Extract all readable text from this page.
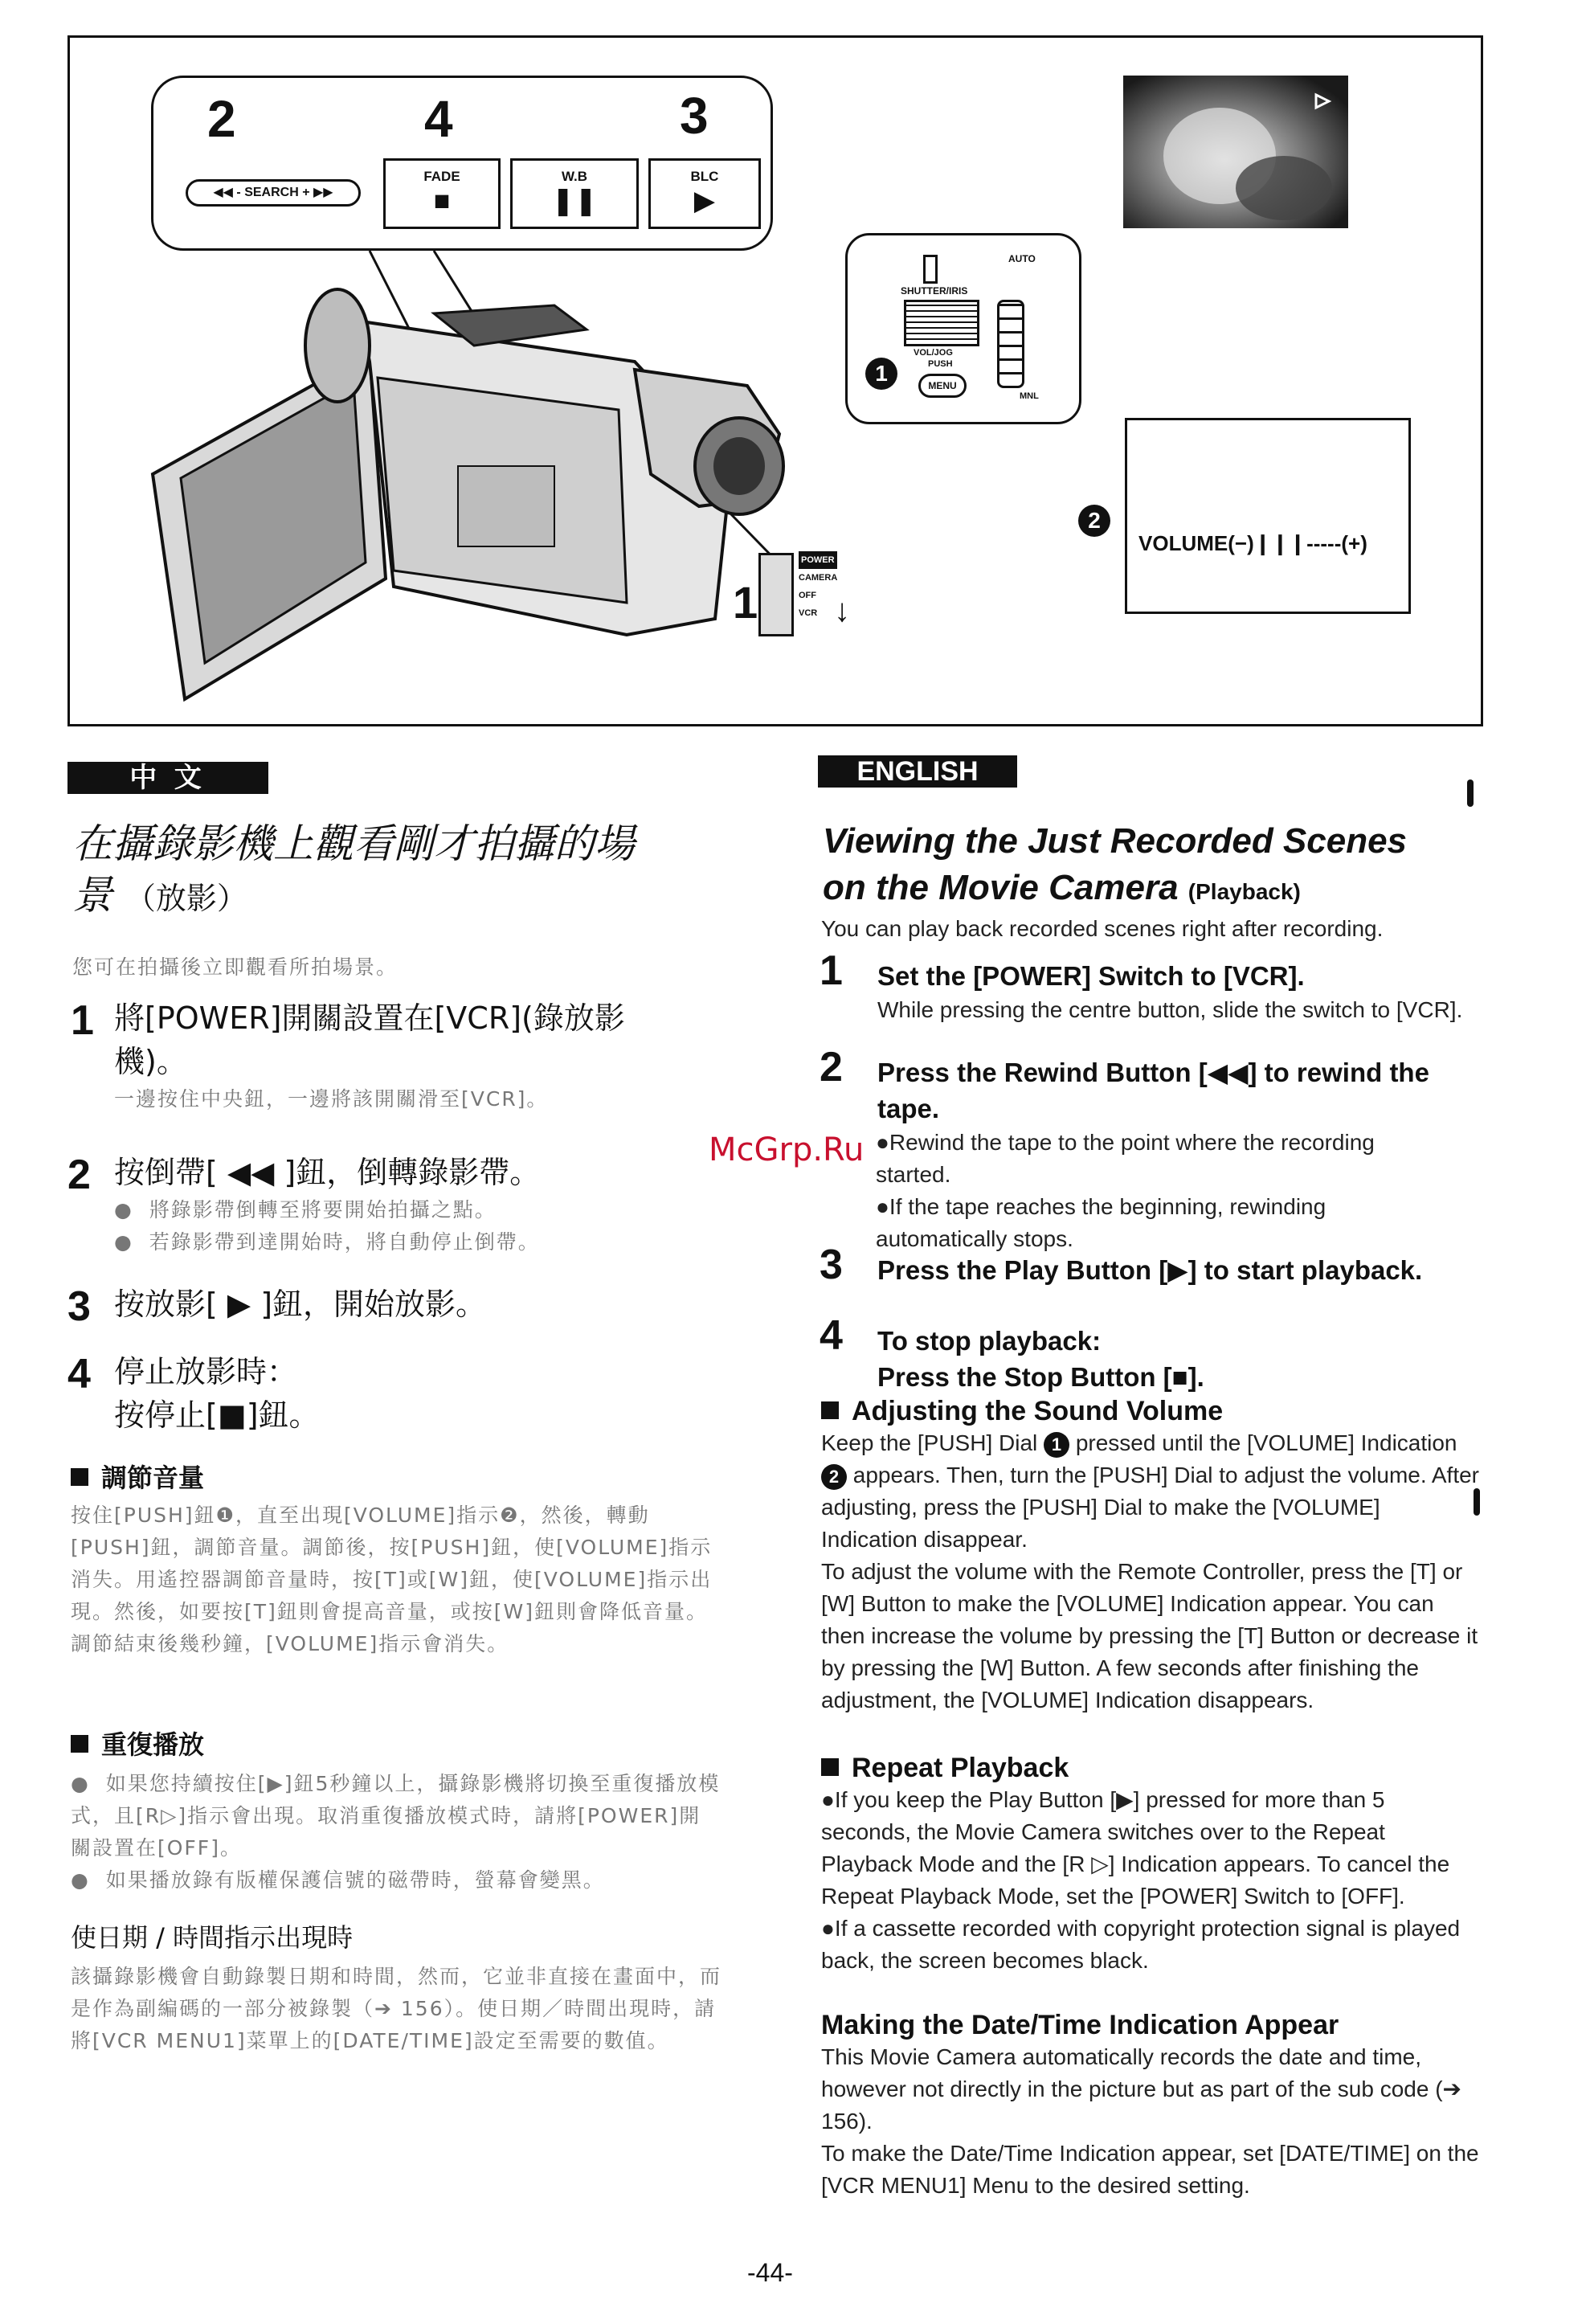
◀◀ - SEARCH + ▶▶
FADE
■
W.B
❚❚
BLC
▶
2	4	3
1
POWER
CAMERA
OFF
VCR ↓
AUTO
SHUTTER/IRIS
VOL/JOG
PUSH
MENU
MNL
1
2
VOLUME(−)❙❙❙‑‑‑‑‑(+)
中 文
在攝錄影機上觀看剛才拍攝的場
景 （放影）
您可在拍攝後立即觀看所拍場景。
1 將[POWER]開關設置在[VCR](錄放影
機)。
一邊按住中央鈕，一邊將該開關滑至[VCR]。
2 按倒帶[ ◀◀ ]鈕，倒轉錄影帶。
●  將錄影帶倒轉至將要開始拍攝之點。
●  若錄影帶到達開始時，將自動停止倒帶。
3 按放影[ ▶ ]鈕，開始放影。
4 停止放影時：
按停止[■]鈕。
調節音量
按住[PUSH]鈕❶，直至出現[VOLUME]指示❷，然後，轉動[PUSH]鈕，調節音量。調節後，按[PUSH]鈕，使[VOLUME]指示消失。用遙控器調節音量時，按[T]或[W]鈕，使[VOLUME]指示出現。然後，如要按[T]鈕則會提高音量，或按[W]鈕則會降低音量。調節結束後幾秒鐘，[VOLUME]指示會消失。
重復播放
●  如果您持續按住[▶]鈕5秒鐘以上，攝錄影機將切換至重復播放模式，且[R▷]指示會出現。取消重復播放模式時，請將[POWER]開關設置在[OFF]。
●  如果播放錄有版權保護信號的磁帶時，螢幕會變黑。
使日期 / 時間指示出現時
該攝錄影機會自動錄製日期和時間，然而，它並非直接在畫面中，而是作為副編碼的一部分被錄製（➔ 156）。使日期／時間出現時，請將[VCR MENU1]菜單上的[DATE/TIME]設定至需要的數值。
McGrp.Ru
ENGLISH
Viewing the Just Recorded Scenes
on the Movie Camera (Playback)
You can play back recorded scenes right after recording.
1 Set the [POWER] Switch to [VCR].
While pressing the centre button, slide the switch to [VCR].
2 Press the Rewind Button [◀◀] to rewind the tape.
●Rewind the tape to the point where the recording started.
●If the tape reaches the beginning, rewinding automatically stops.
3 Press the Play Button [▶] to start playback.
4 To stop playback:
Press the Stop Button [■].
Adjusting the Sound Volume
Keep the [PUSH] Dial 1 pressed until the [VOLUME] Indication 2 appears. Then, turn the [PUSH] Dial to adjust the volume. After adjusting, press the [PUSH] Dial to make the [VOLUME] Indication disappear.
To adjust the volume with the Remote Controller, press the [T] or [W] Button to make the [VOLUME] Indication appear. You can then increase the volume by pressing the [T] Button or decrease it by pressing the [W] Button. A few seconds after finishing the adjustment, the [VOLUME] Indication disappears.
Repeat Playback
●If you keep the Play Button [▶] pressed for more than 5 seconds, the Movie Camera switches over to the Repeat Playback Mode and the [R ▷] Indication appears. To cancel the Repeat Playback Mode, set the [POWER] Switch to [OFF].
●If a cassette recorded with copyright protection signal is played back, the screen becomes black.
Making the Date/Time Indication Appear
This Movie Camera automatically records the date and time, however not directly in the picture but as part of the sub code (➔ 156).
To make the Date/Time Indication appear, set [DATE/TIME] on the [VCR MENU1] Menu to the desired setting.
-44-
